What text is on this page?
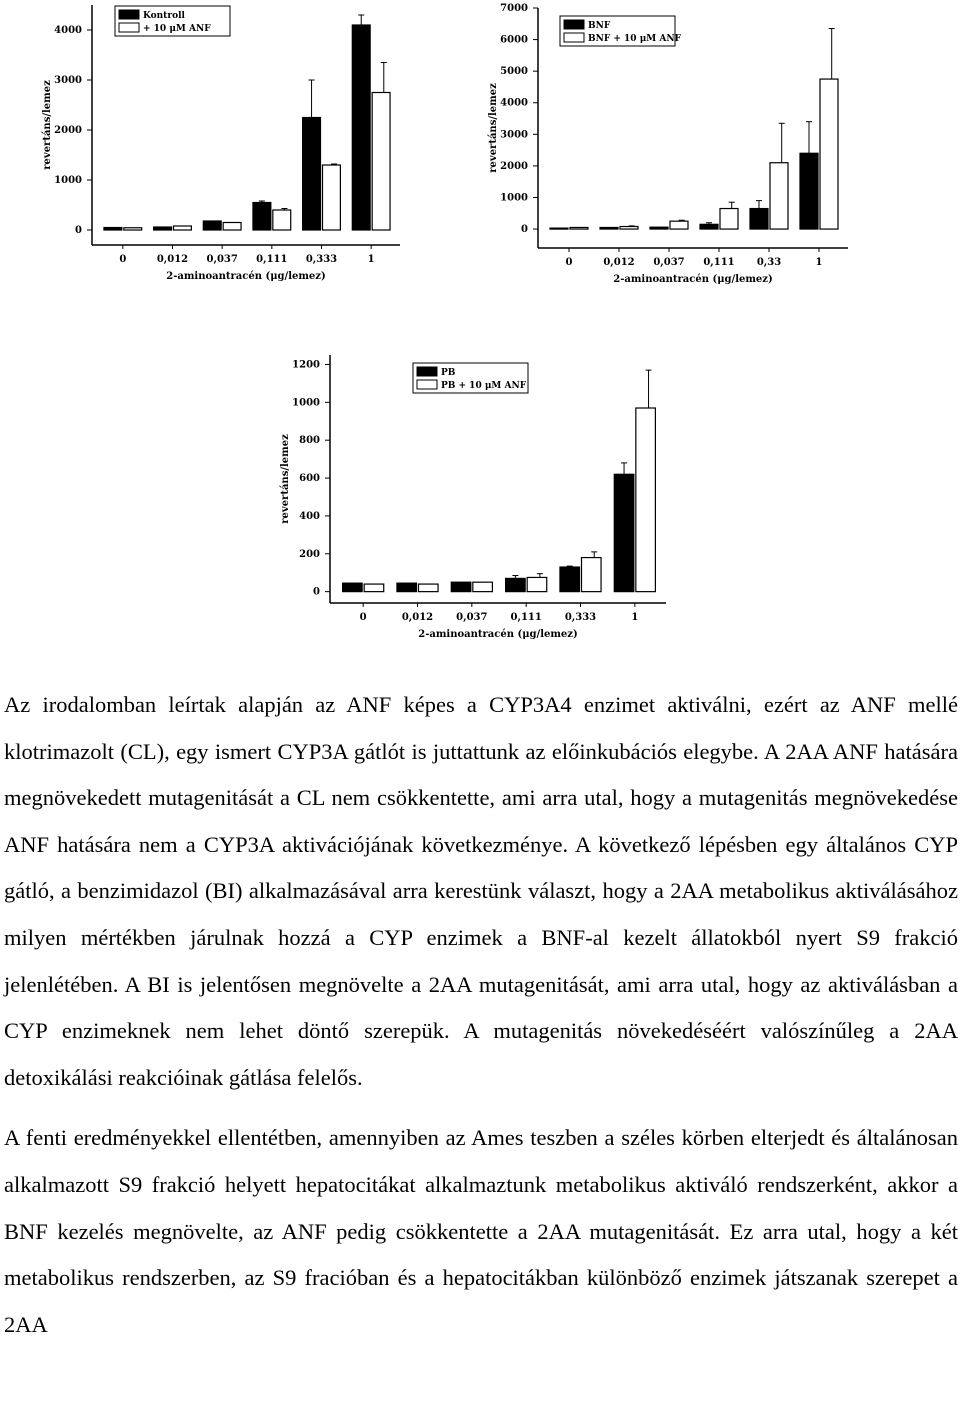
0
1000
2000
3000
4000
0	0,012 0,037 0,111 0,333	1
2-aminoantracén (μg/lemez)
revertáns/lemez
Kontroll
+ 10 μM ANF
0
1000
2000
3000
4000
5000
6000
7000
0	0,012 0,037 0,111 0,33	1
2-aminoantracén (μg/lemez)
revertáns/lemez
BNF
BNF + 10 μM ANF
0
200
400
600
800
1000
1200
0	0,012 0,037 0,111 0,333	1
2-aminoantracén (μg/lemez)
revertáns/lemez
PB
PB + 10 μM ANF

Az irodalomban leírtak alapján az ANF képes a CYP3A4 enzimet aktiválni, ezért az ANF mellé klotrimazolt (CL), egy ismert CYP3A gátlót is juttattunk az előinkubációs elegybe. A 2AA ANF hatására megnövekedett mutagenitását a CL nem csökkentette, ami arra utal, hogy a mutagenitás megnövekedése ANF hatására nem a CYP3A aktivációjának következménye. A következő lépésben egy általános CYP gátló, a benzimidazol (BI) alkalmazásával arra kerestünk választ, hogy a 2AA metabolikus aktiválásához milyen mértékben járulnak hozzá a CYP enzimek a BNF-al kezelt állatokból nyert S9 frakció jelenlétében. A BI is jelentősen megnövelte a 2AA mutagenitását, ami arra utal, hogy az aktiválásban a CYP enzimeknek nem lehet döntő szerepük. A mutagenitás növekedéséért valószínűleg a 2AA detoxikálási reakcióinak gátlása felelős.

A fenti eredményekkel ellentétben, amennyiben az Ames teszben a széles körben elterjedt és általánosan alkalmazott S9 frakció helyett hepatocitákat alkalmaztunk metabolikus aktiváló rendszerként, akkor a BNF kezelés megnövelte, az ANF pedig csökkentette a 2AA mutagenitását. Ez arra utal, hogy a két metabolikus rendszerben, az S9 fracióban és a hepatocitákban különböző enzimek játszanak szerepet a 2AA
